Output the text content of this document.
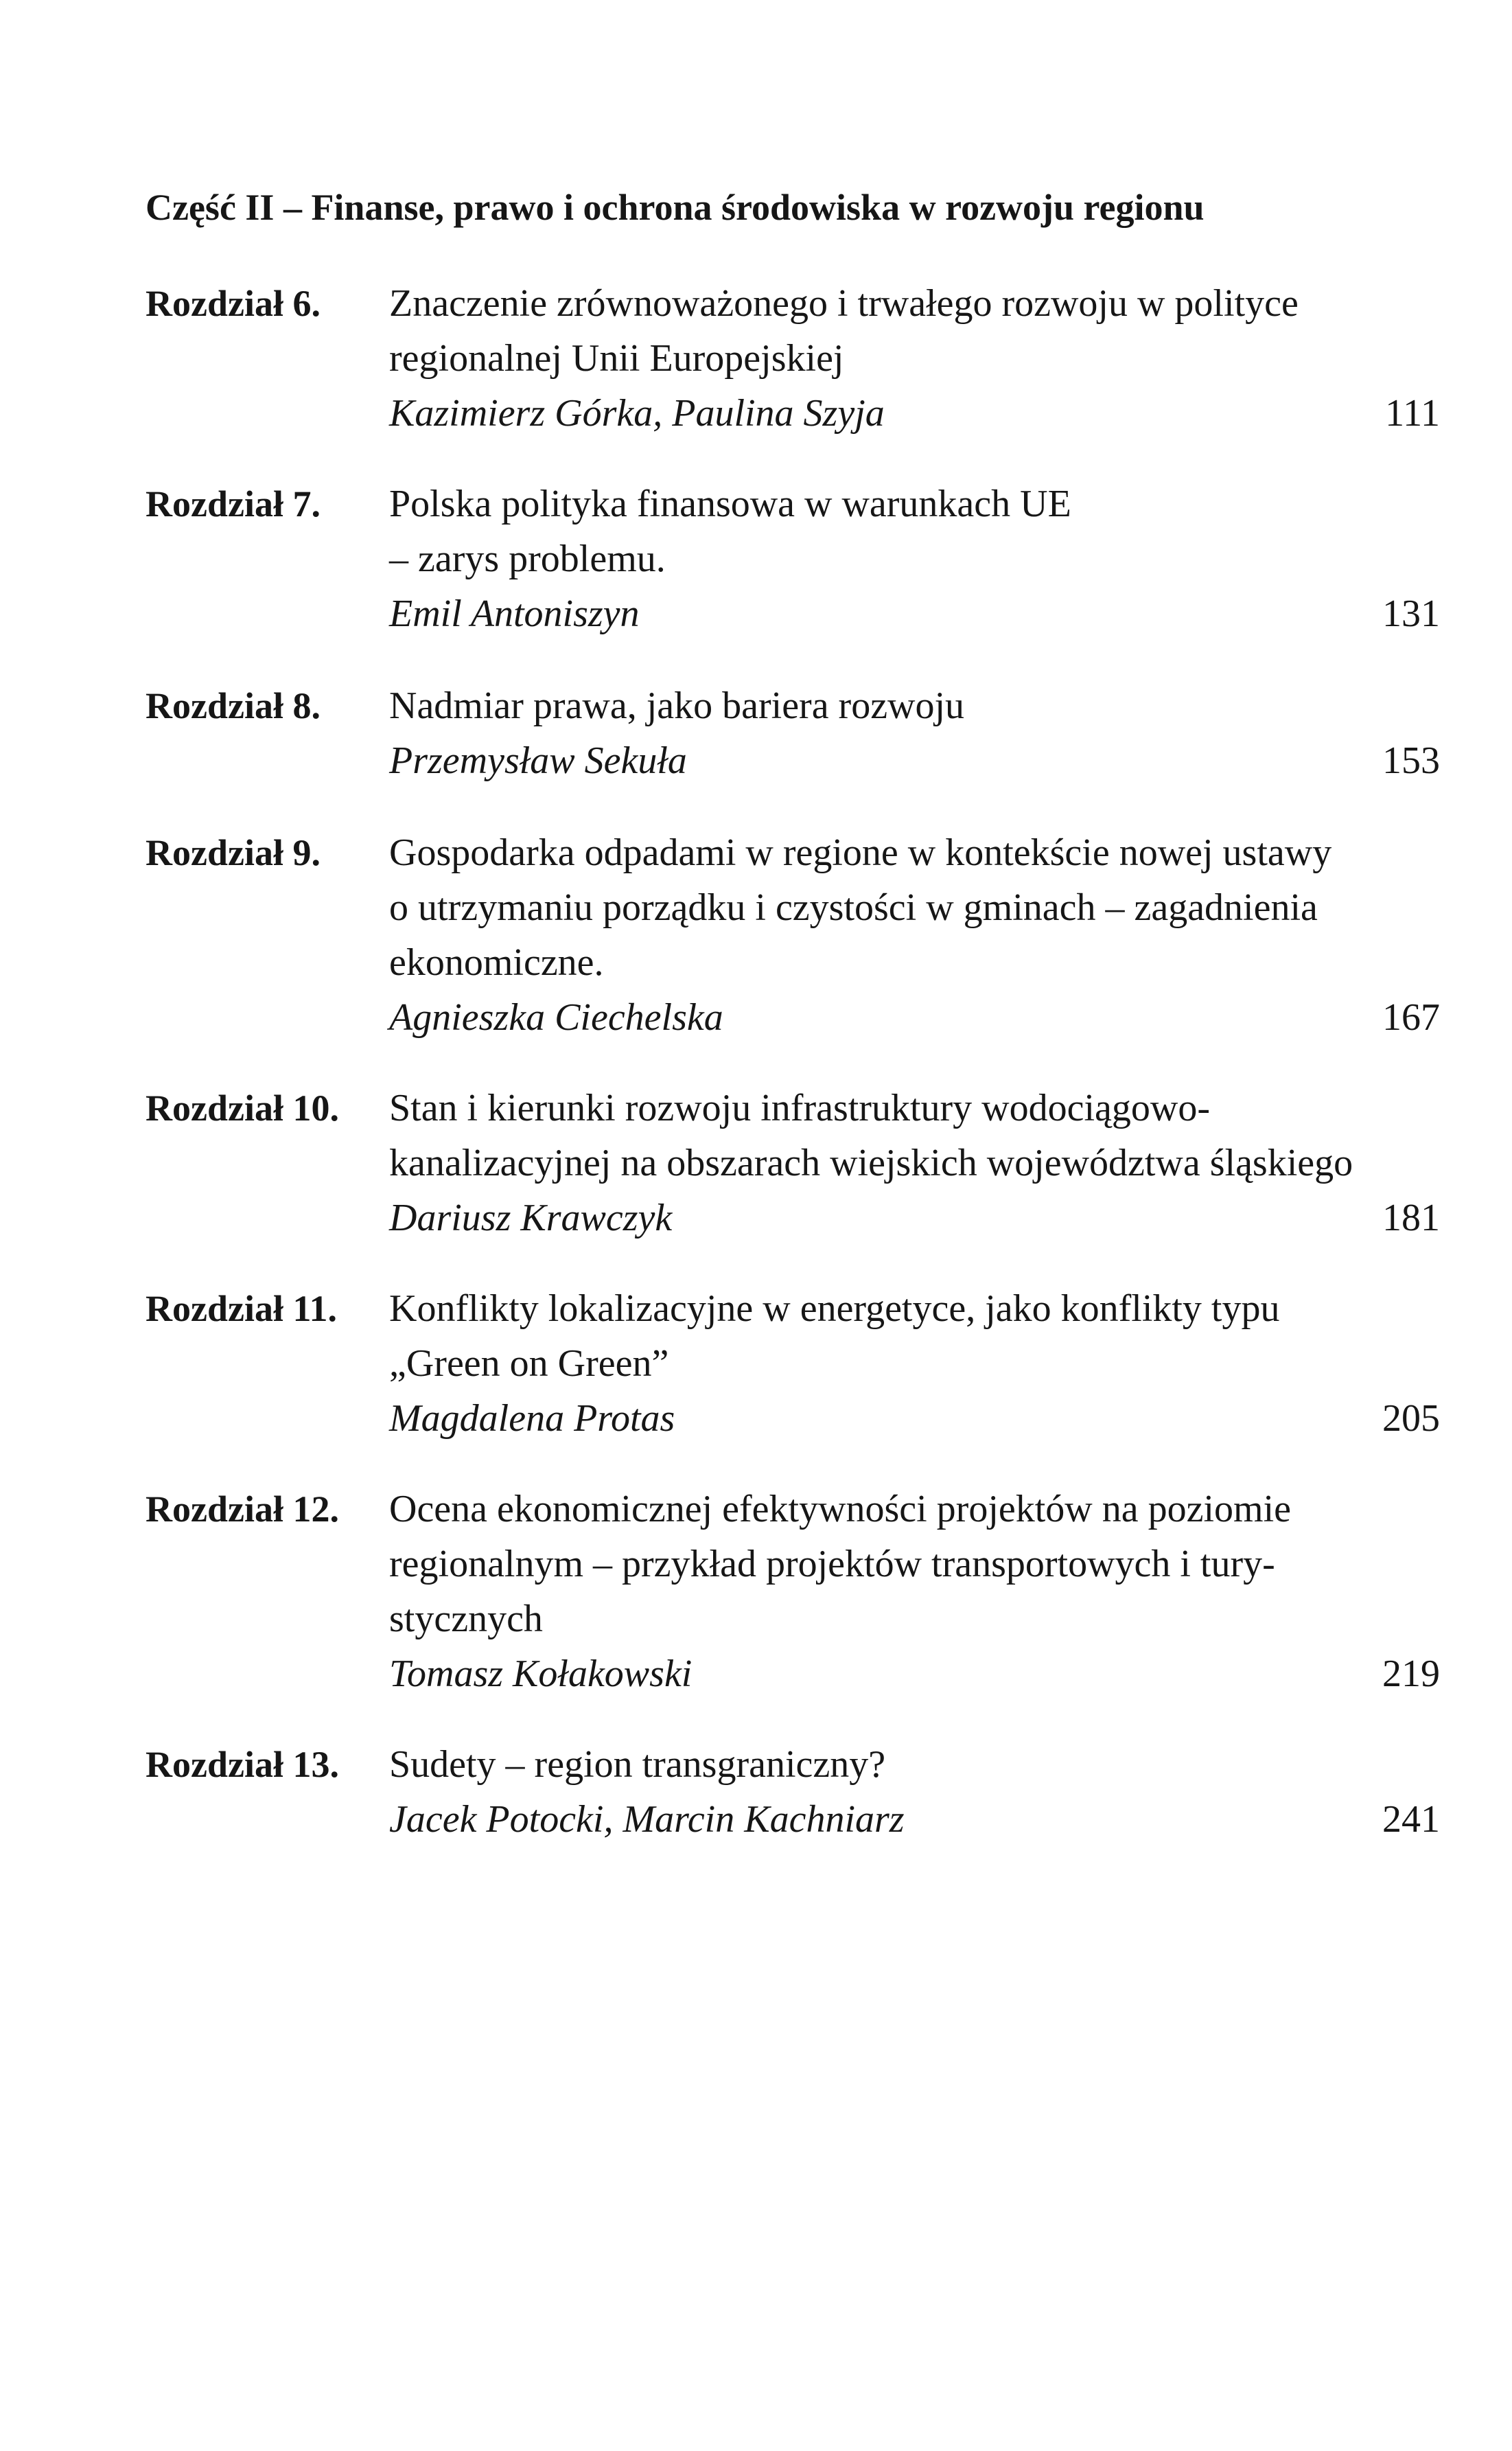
Część II – Finanse, prawo i ochrona środowiska w rozwoju regionu
Rozdział 6.	Znaczenie zrównoważonego i trwałego rozwoju w polityce
regionalnej Unii Europejskiej
Kazimierz Górka, Paulina Szyja	111
Rozdział 7.	Polska polityka finansowa w warunkach UE
– zarys problemu.
Emil Antoniszyn	131
Rozdział 8.	Nadmiar prawa, jako bariera rozwoju
Przemysław Sekuła	153
Rozdział 9.	Gospodarka odpadami w regione w kontekście nowej ustawy
o utrzymaniu porządku i czystości w gminach – zagadnienia
ekonomiczne.
Agnieszka Ciechelska	167
Rozdział 10.	Stan i kierunki rozwoju infrastruktury wodociągowo-
kanalizacyjnej na obszarach wiejskich województwa śląskiego
Dariusz Krawczyk	181
Rozdział 11.	Konflikty lokalizacyjne w energetyce, jako konflikty typu
„Green on Green”
Magdalena Protas	205
Rozdział 12.	Ocena ekonomicznej efektywności projektów na poziomie
regionalnym – przykład projektów transportowych i tury-
stycznych
Tomasz Kołakowski	219
Rozdział 13.	Sudety – region transgraniczny?
Jacek Potocki, Marcin Kachniarz	241
